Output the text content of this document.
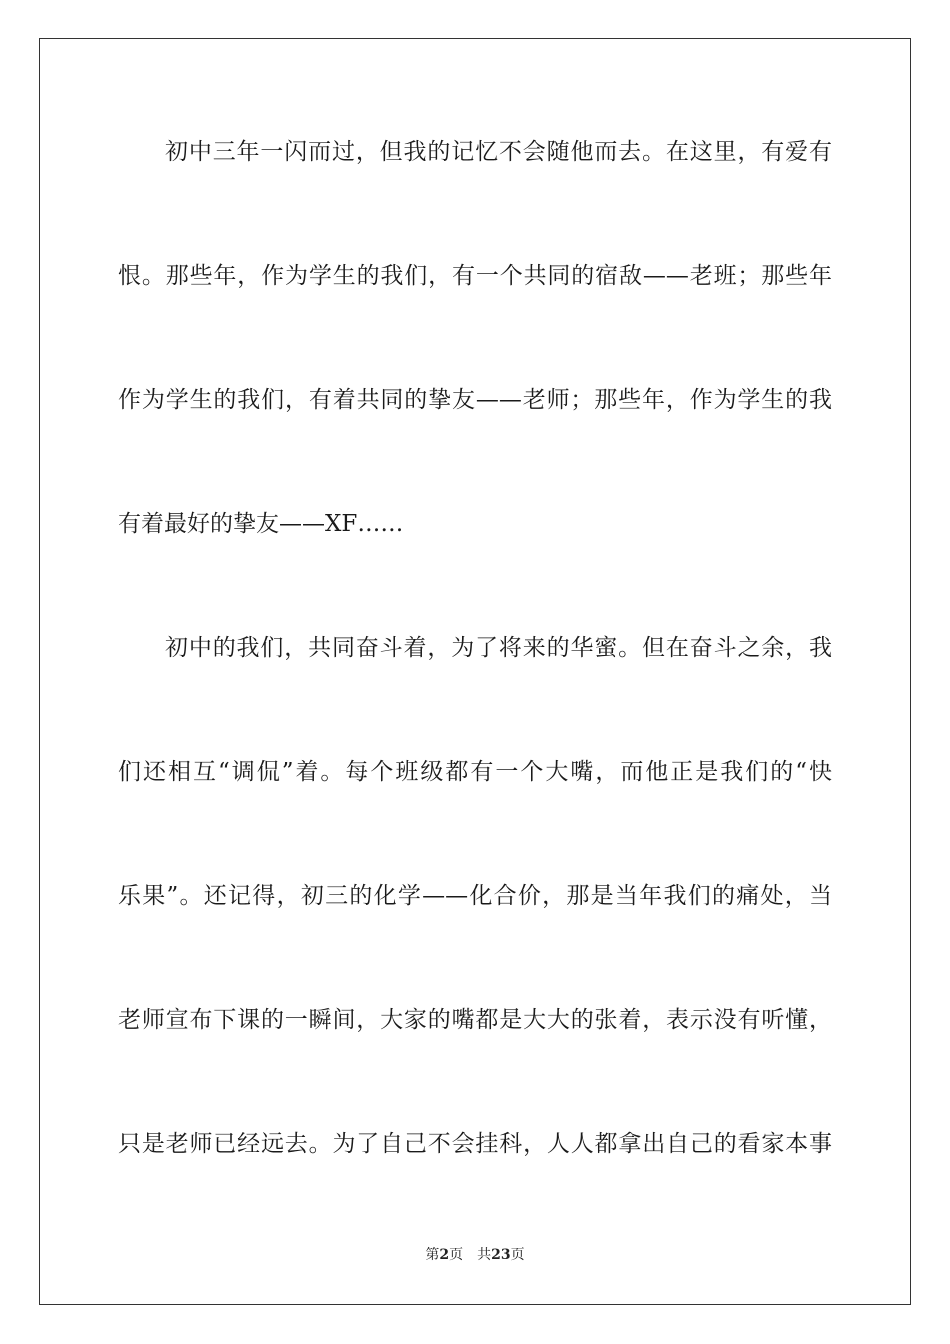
初中三年一闪而过，但我的记忆不会随他而去。在这里，有爱有
恨。那些年，作为学生的我们，有一个共同的宿敌——老班；那些年
作为学生的我们，有着共同的挚友——老师；那些年，作为学生的我
有着最好的挚友——XF……
初中的我们，共同奋斗着，为了将来的华蜜。但在奋斗之余，我
们还相互“调侃”着。每个班级都有一个大嘴，而他正是我们的“快
乐果”。还记得，初三的化学——化合价，那是当年我们的痛处，当
老师宣布下课的一瞬间，大家的嘴都是大大的张着，表示没有听懂，
只是老师已经远去。为了自己不会挂科，人人都拿出自己的看家本事
第2页 共23页
